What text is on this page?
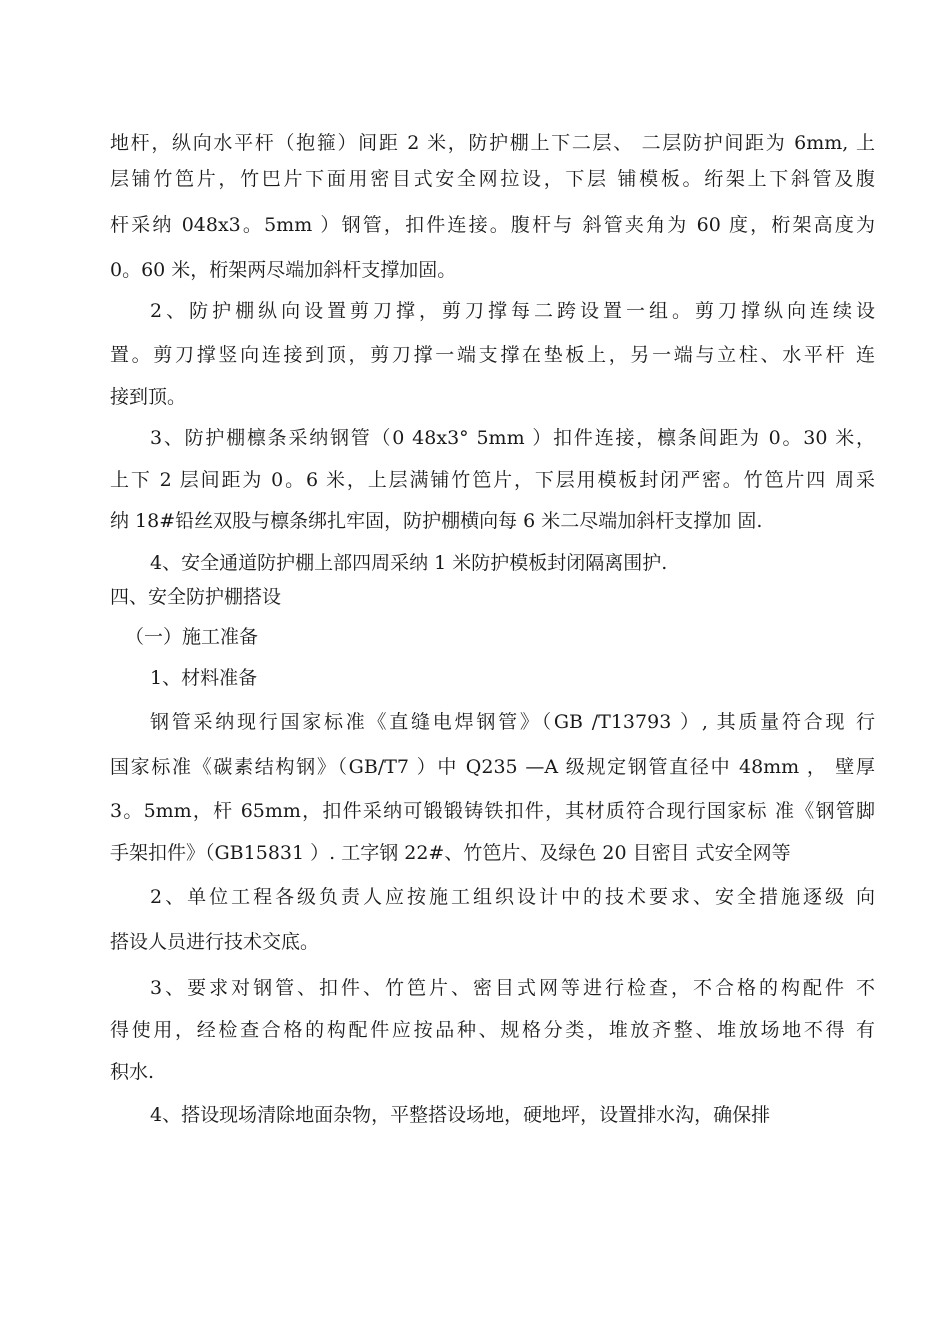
地杆，纵向水平杆（抱箍）间距 2 米，防护棚上下二层、 二层防护间距为 6mm, 上
层铺竹笆片，竹巴片下面用密目式安全网拉设，下层 铺模板。绗架上下斜管及腹
杆采纳 048x3。5mm ）钢管，扣件连接。腹杆与 斜管夹角为 60 度，桁架高度为
0。60 米，桁架两尽端加斜杆支撑加固。
2、防护棚纵向设置剪刀撑，剪刀撑每二跨设置一组。剪刀撑纵向连续设
置。剪刀撑竖向连接到顶，剪刀撑一端支撑在垫板上，另一端与立柱、水平杆 连
接到顶。
3、防护棚檩条采纳钢管（0 48x3° 5mm ）扣件连接，檩条间距为 0。30 米，
上下 2 层间距为 0。6 米，上层满铺竹笆片，下层用模板封闭严密。竹笆片四 周采
纳 18#铅丝双股与檩条绑扎牢固，防护棚横向每 6 米二尽端加斜杆支撑加 固.
4、安全通道防护棚上部四周采纳 1 米防护模板封闭隔离围护.
四、安全防护棚搭设
（一）施工准备
1、材料准备
钢管采纳现行国家标准《直缝电焊钢管》（GB /T13793 ）, 其质量符合现 行
国家标准《碳素结构钢》（GB/T7 ）中 Q235 —A 级规定钢管直径中 48mm ， 壁厚
3。5mm，杆 65mm，扣件采纳可锻锻铸铁扣件，其材质符合现行国家标 准《钢管脚
手架扣件》（GB15831 ）. 工字钢 22#、竹笆片、及绿色 20 目密目 式安全网等
2、单位工程各级负责人应按施工组织设计中的技术要求、安全措施逐级 向
搭设人员进行技术交底。
3、要求对钢管、扣件、竹笆片、密目式网等进行检查，不合格的构配件 不
得使用，经检查合格的构配件应按品种、规格分类，堆放齐整、堆放场地不得 有
积水.
4、搭设现场清除地面杂物，平整搭设场地，硬地坪，设置排水沟，确保排
